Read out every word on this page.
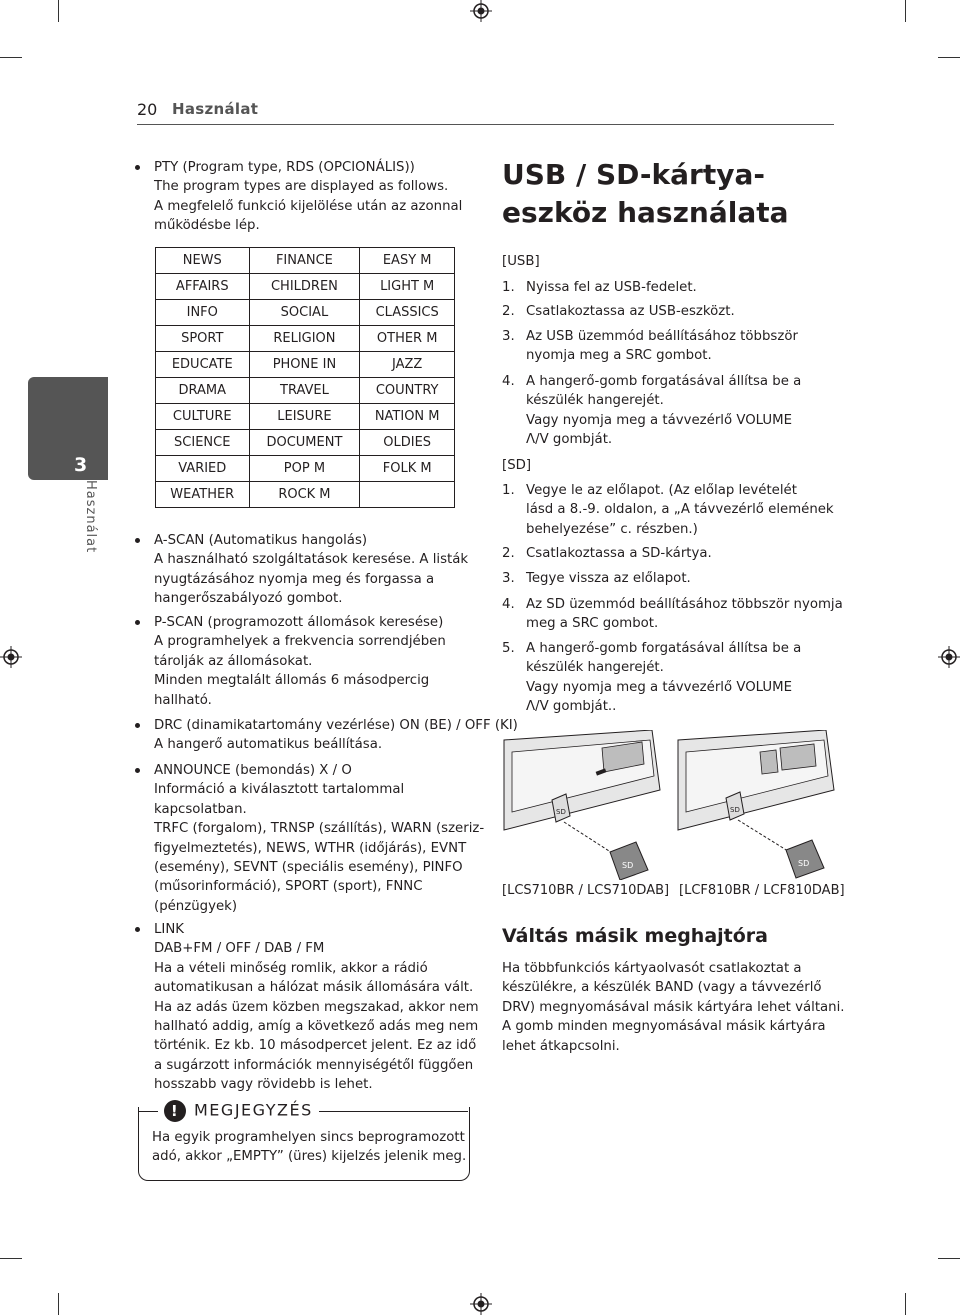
20 Használat
3
Használat
PTY (Program type, RDS (OPCIONÁLIS))
The program types are displayed as follows.
A megfelelő funkció kijelölése után az azonnal
működésbe lép.
NEWS	FINANCE	EASY M
AFFAIRS	CHILDREN	LIGHT M
INFO	SOCIAL	CLASSICS
SPORT	RELIGION	OTHER M
EDUCATE	PHONE IN	JAZZ
DRAMA	TRAVEL	COUNTRY
CULTURE	LEISURE	NATION M
SCIENCE	DOCUMENT	OLDIES
VARIED	POP M	FOLK M
WEATHER	ROCK M	
A-SCAN (Automatikus hangolás)
A használható szolgáltatások keresése. A listák
nyugtázásához nyomja meg és forgassa a
hangerőszabályozó gombot.
P-SCAN (programozott állomások keresése)
A programhelyek a frekvencia sorrendjében
tárolják az állomásokat.
Minden megtalált állomás 6 másodpercig
hallható.
DRC (dinamikatartomány vezérlése) ON (BE) / OFF (KI)
A hangerő automatikus beállítása.
ANNOUNCE (bemondás) X / O
Információ a kiválasztott tartalommal
kapcsolatban.
TRFC (forgalom), TRNSP (szállítás), WARN (szeriz-
figyelmeztetés), NEWS, WTHR (időjárás), EVNT
(esemény), SEVNT (speciális esemény), PINFO
(műsorinformáció), SPORT (sport), FNNC
(pénzügyek)
LINK
DAB+FM / OFF / DAB / FM
Ha a vételi minőség romlik, akkor a rádió
automatikusan a hálózat másik állomására vált.
Ha az adás üzem közben megszakad, akkor nem
hallható addig, amíg a következő adás meg nem
történik. Ez kb. 10 másodpercet jelent. Ez az idő
a sugárzott információk mennyiségétől függően
hosszabb vagy rövidebb is lehet.
! MEGJEGYZÉS
Ha egyik programhelyen sincs beprogramozott
adó, akkor „EMPTY” (üres) kijelzés jelenik meg.
USB / SD-kártya-
eszköz használata
[USB]
1. Nyissa fel az USB-fedelet.
2. Csatlakoztassa az USB-eszközt.
3. Az USB üzemmód beállításához többször
nyomja meg a SRC gombot.
4. A hangerő-gomb forgatásával állítsa be a
készülék hangerejét.
Vagy nyomja meg a távvezérlő VOLUME
Λ/V gombját.
[SD]
1. Vegye le az előlapot. (Az előlap levételét
lásd a 8.-9. oldalon, a „A távvezérlő elemének
behelyezése” c. részben.)
2. Csatlakoztassa a SD-kártya.
3. Tegye vissza az előlapot.
4. Az SD üzemmód beállításához többször nyomja
meg a SRC gombot.
5. A hangerő-gomb forgatásával állítsa be a
készülék hangerejét.
Vagy nyomja meg a távvezérlő VOLUME
Λ/V gombját..
SD
SD
SD
SD
[LCS710BR / LCS710DAB] [LCF810BR / LCF810DAB]
Váltás másik meghajtóra
Ha többfunkciós kártyaolvasót csatlakoztat a
készülékre, a készülék BAND (vagy a távvezérlő
DRV) megnyomásával másik kártyára lehet váltani.
A gomb minden megnyomásával másik kártyára
lehet átkapcsolni.
